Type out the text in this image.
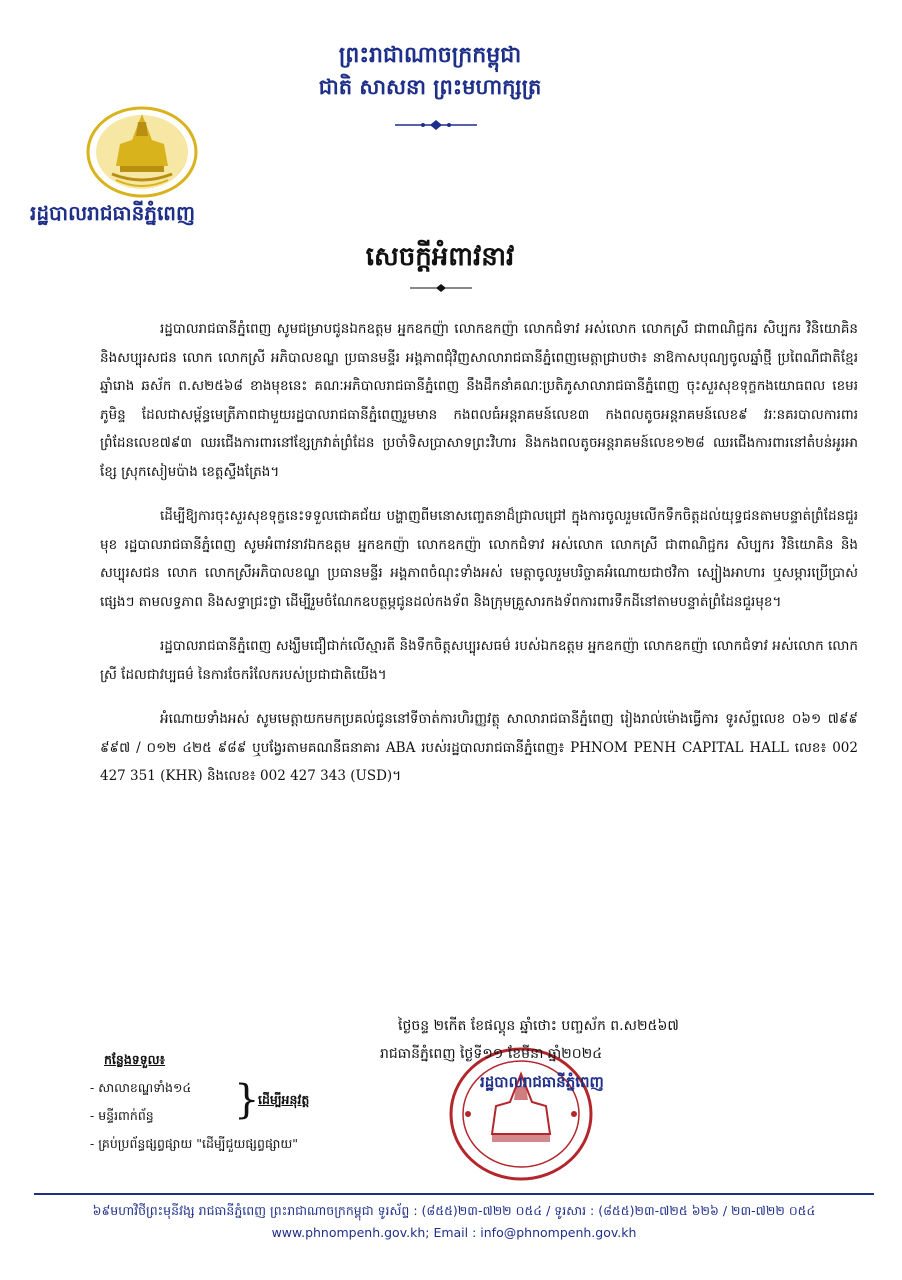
ព្រះរាជាណាចក្រកម្ពុជា
ជាតិ សាសនា ព្រះមហាក្សត្រ
រដ្ឋបាលរាជធានីភ្នំពេញ
សេចក្តីអំពាវនាវ

រដ្ឋបាលរាជធានីភ្នំពេញ សូមជម្រាបជូនឯកឧត្តម អ្នកឧកញ៉ា លោកឧកញ៉ា លោកជំទាវ អស់លោក លោកស្រី ជាពាណិជ្ជករ សិប្បករ វិនិយោគិន និងសប្បុរសជន លោក លោកស្រី អភិបាលខណ្ឌ ប្រធានមន្ទីរ អង្គភាពជុំវិញសាលារាជធានីភ្នំពេញមេត្តាជ្រាបថា៖ នាឱកាសបុណ្យចូលឆ្នាំថ្មី ប្រពៃណីជាតិខ្មែរ ឆ្នាំរោង ឆស័ក ព.ស២៥៦៨ ខាងមុខនេះ គណៈអភិបាលរាជធានីភ្នំពេញ នឹងដឹកនាំគណៈប្រតិភូសាលារាជធានីភ្នំពេញ ចុះសួរសុខទុក្ខកងយោធពល ខេមរភូមិន្ទ ដែលជាសម្ព័ន្ធមេត្រីភាពជាមួយរដ្ឋបាលរាជធានីភ្នំពេញរួមមាន កងពលធំអន្តរាគមន៍លេខ៣ កងពលតូចអន្តរាគមន៍លេខ៩ វរៈនគរបាលការពារព្រំដែនលេខ៧៩៣ ឈរជើងការពារនៅខ្សែក្រវាត់ព្រំដែន ប្រចាំទិសប្រាសាទព្រះវិហារ និងកងពលតូចអន្តរាគមន៍លេខ១២៨ ឈរជើងការពារនៅតំបន់អូរអាខ្សែ ស្រុកសៀមប៉ាង ខេត្តស្ទឹងត្រែង។

ដើម្បីឱ្យការចុះសួរសុខទុក្ខនេះទទួលជោគជ័យ បង្ហាញពីមនោសញ្ចេតនាដ៏ជ្រាលជ្រៅ ក្នុងការចូលរួមលើកទឹកចិត្តដល់យុទ្ធជនតាមបន្ទាត់ព្រំដែនជួរមុខ រដ្ឋបាលរាជធានីភ្នំពេញ សូមអំពាវនាវឯកឧត្តម អ្នកឧកញ៉ា លោកឧកញ៉ា លោកជំទាវ អស់លោក លោកស្រី ជាពាណិជ្ជករ សិប្បករ វិនិយោគិន និងសប្បុរសជន លោក លោកស្រីអភិបាលខណ្ឌ ប្រធានមន្ទីរ អង្គភាពចំណុះទាំងអស់ មេត្តាចូលរួមបរិច្ចាគអំណោយជាថវិកា ស្បៀងអាហារ ឬសម្ភារប្រើប្រាស់ផ្សេងៗ តាមលទ្ធភាព និងសទ្ធាជ្រះថ្លា ដើម្បីរួមចំណែកឧបត្ថម្ភជូនដល់កងទ័ព និងក្រុមគ្រួសារកងទ័ពការពារទឹកដីនៅតាមបន្ទាត់ព្រំដែនជួរមុខ។

រដ្ឋបាលរាជធានីភ្នំពេញ សង្ឃឹមជឿជាក់លើស្មារតី និងទឹកចិត្តសប្បុរសធម៌ របស់ឯកឧត្តម អ្នកឧកញ៉ា លោកឧកញ៉ា លោកជំទាវ អស់លោក លោកស្រី ដែលជាវប្បធម៌ នៃការចែករំលែករបស់ប្រជាជាតិយើង។

អំណោយទាំងអស់ សូមមេត្តាយកមកប្រគល់ជូននៅទីចាត់ការហិរញ្ញវត្ថុ សាលារាជធានីភ្នំពេញ រៀងរាល់ម៉ោងធ្វើការ ទូរស័ព្ទលេខ ០៦១ ៧៩៩ ៩៩៧ / ០១២ ៤២៥ ៩៨៩ ឬបង្វែរតាមគណនីធនាគារ ABA របស់រដ្ឋបាលរាជធានីភ្នំពេញ៖ PHNOM PENH CAPITAL HALL លេខ៖ 002 427 351 (KHR) និងលេខ៖ 002 427 343 (USD)។

កន្លែងទទួល៖
- សាលាខណ្ឌទាំង១៤
- មន្ទីរពាក់ព័ន្ធ
- គ្រប់ប្រព័ន្ធផ្សព្វផ្សាយ "ដើម្បីជួយផ្សព្វផ្សាយ"
}
ដើម្បីអនុវត្ត
ថ្ងៃចន្ទ ២កើត ខែផល្គុន ឆ្នាំថោះ បញ្ចស័ក ព.ស២៥៦៧
រាជធានីភ្នំពេញ ថ្ងៃទី១១ ខែមីនា ឆ្នាំ២០២៤
រដ្ឋបាលរាជធានីភ្នំពេញ
៦៩មហាវិថីព្រះមុនីវង្ស រាជធានីភ្នំពេញ ព្រះរាជាណាចក្រកម្ពុជា ទូរស័ព្ទ : (៨៥៥)២៣-៧២២ ០៥៤ / ទូរសារ : (៨៥៥)២៣-៧២៥ ៦២៦ / ២៣-៧២២ ០៥៤
www.phnompenh.gov.kh; Email : info@phnompenh.gov.kh
